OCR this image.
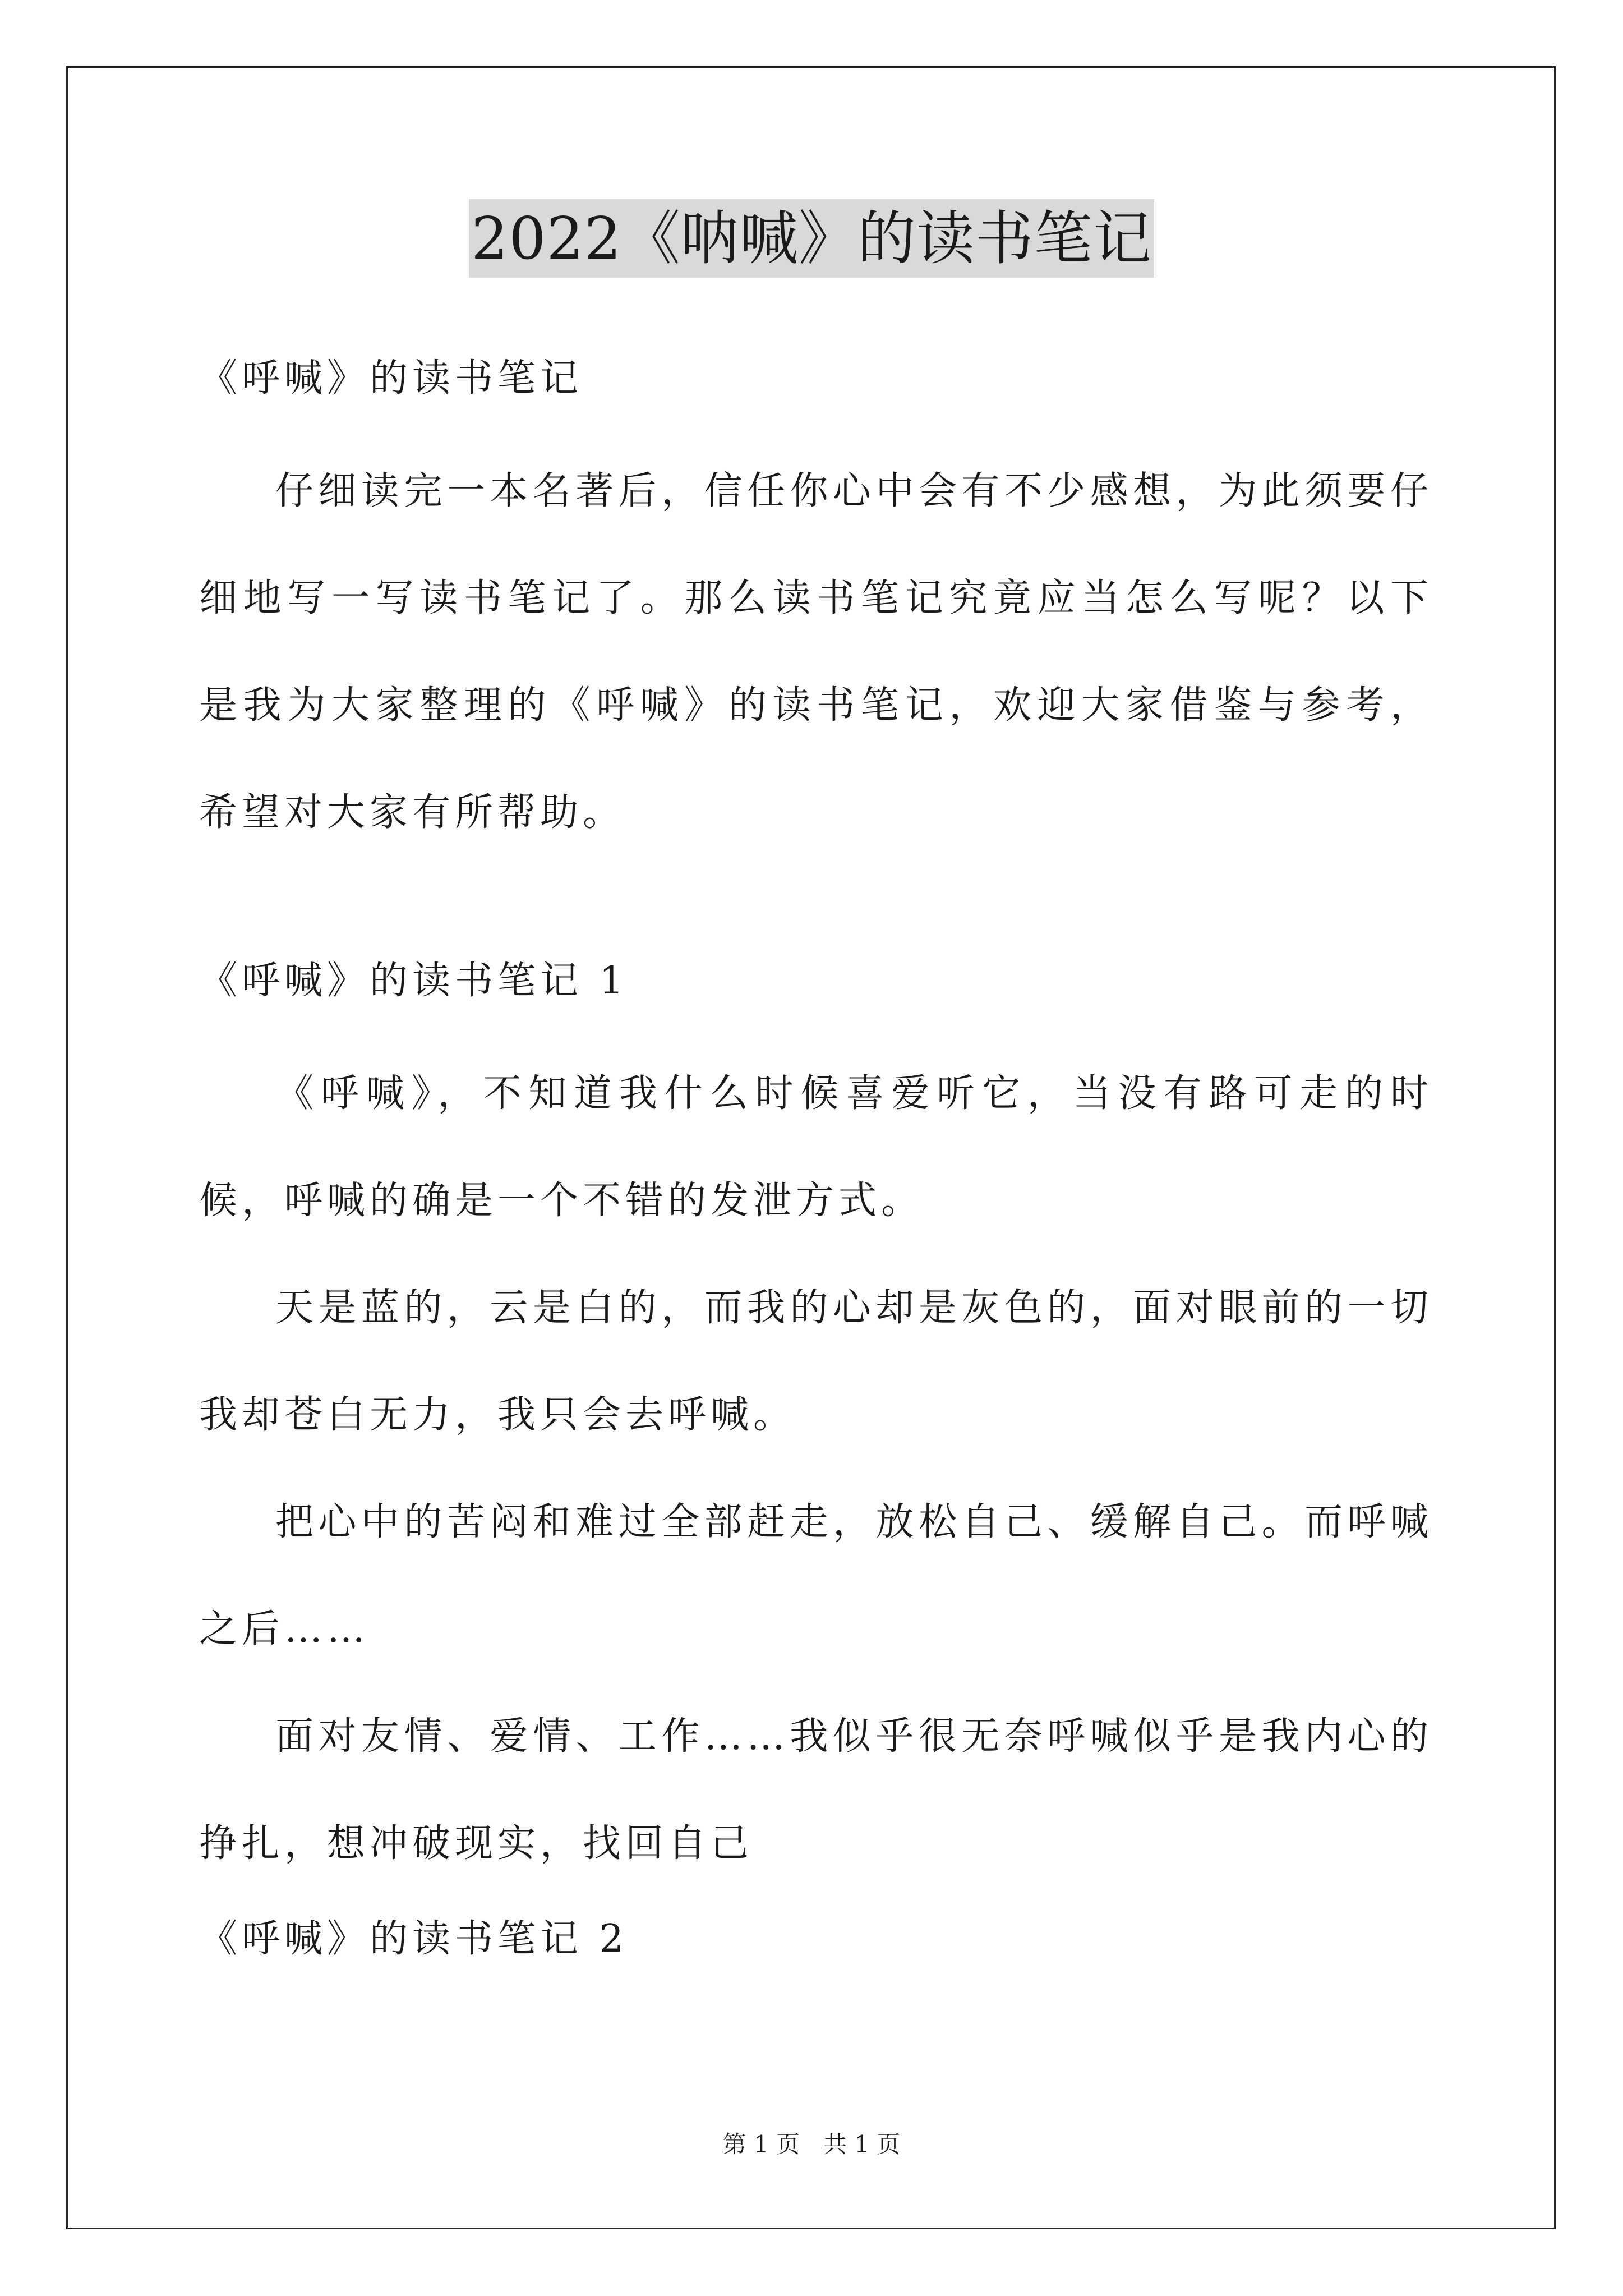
2022《呐喊》的读书笔记

《呼喊》的读书笔记

仔细读完一本名著后，信任你心中会有不少感想，为此须要仔细地写一写读书笔记了。那么读书笔记究竟应当怎么写呢？以下是我为大家整理的《呼喊》的读书笔记，欢迎大家借鉴与参考，希望对大家有所帮助。

《呼喊》的读书笔记 1

《呼喊》，不知道我什么时候喜爱听它，当没有路可走的时候，呼喊的确是一个不错的发泄方式。

天是蓝的，云是白的，而我的心却是灰色的，面对眼前的一切我却苍白无力，我只会去呼喊。

把心中的苦闷和难过全部赶走，放松自己、缓解自己。而呼喊之后……

面对友情、爱情、工作……我似乎很无奈呼喊似乎是我内心的挣扎，想冲破现实，找回自己

《呼喊》的读书笔记 2

第 1 页　共 1 页
